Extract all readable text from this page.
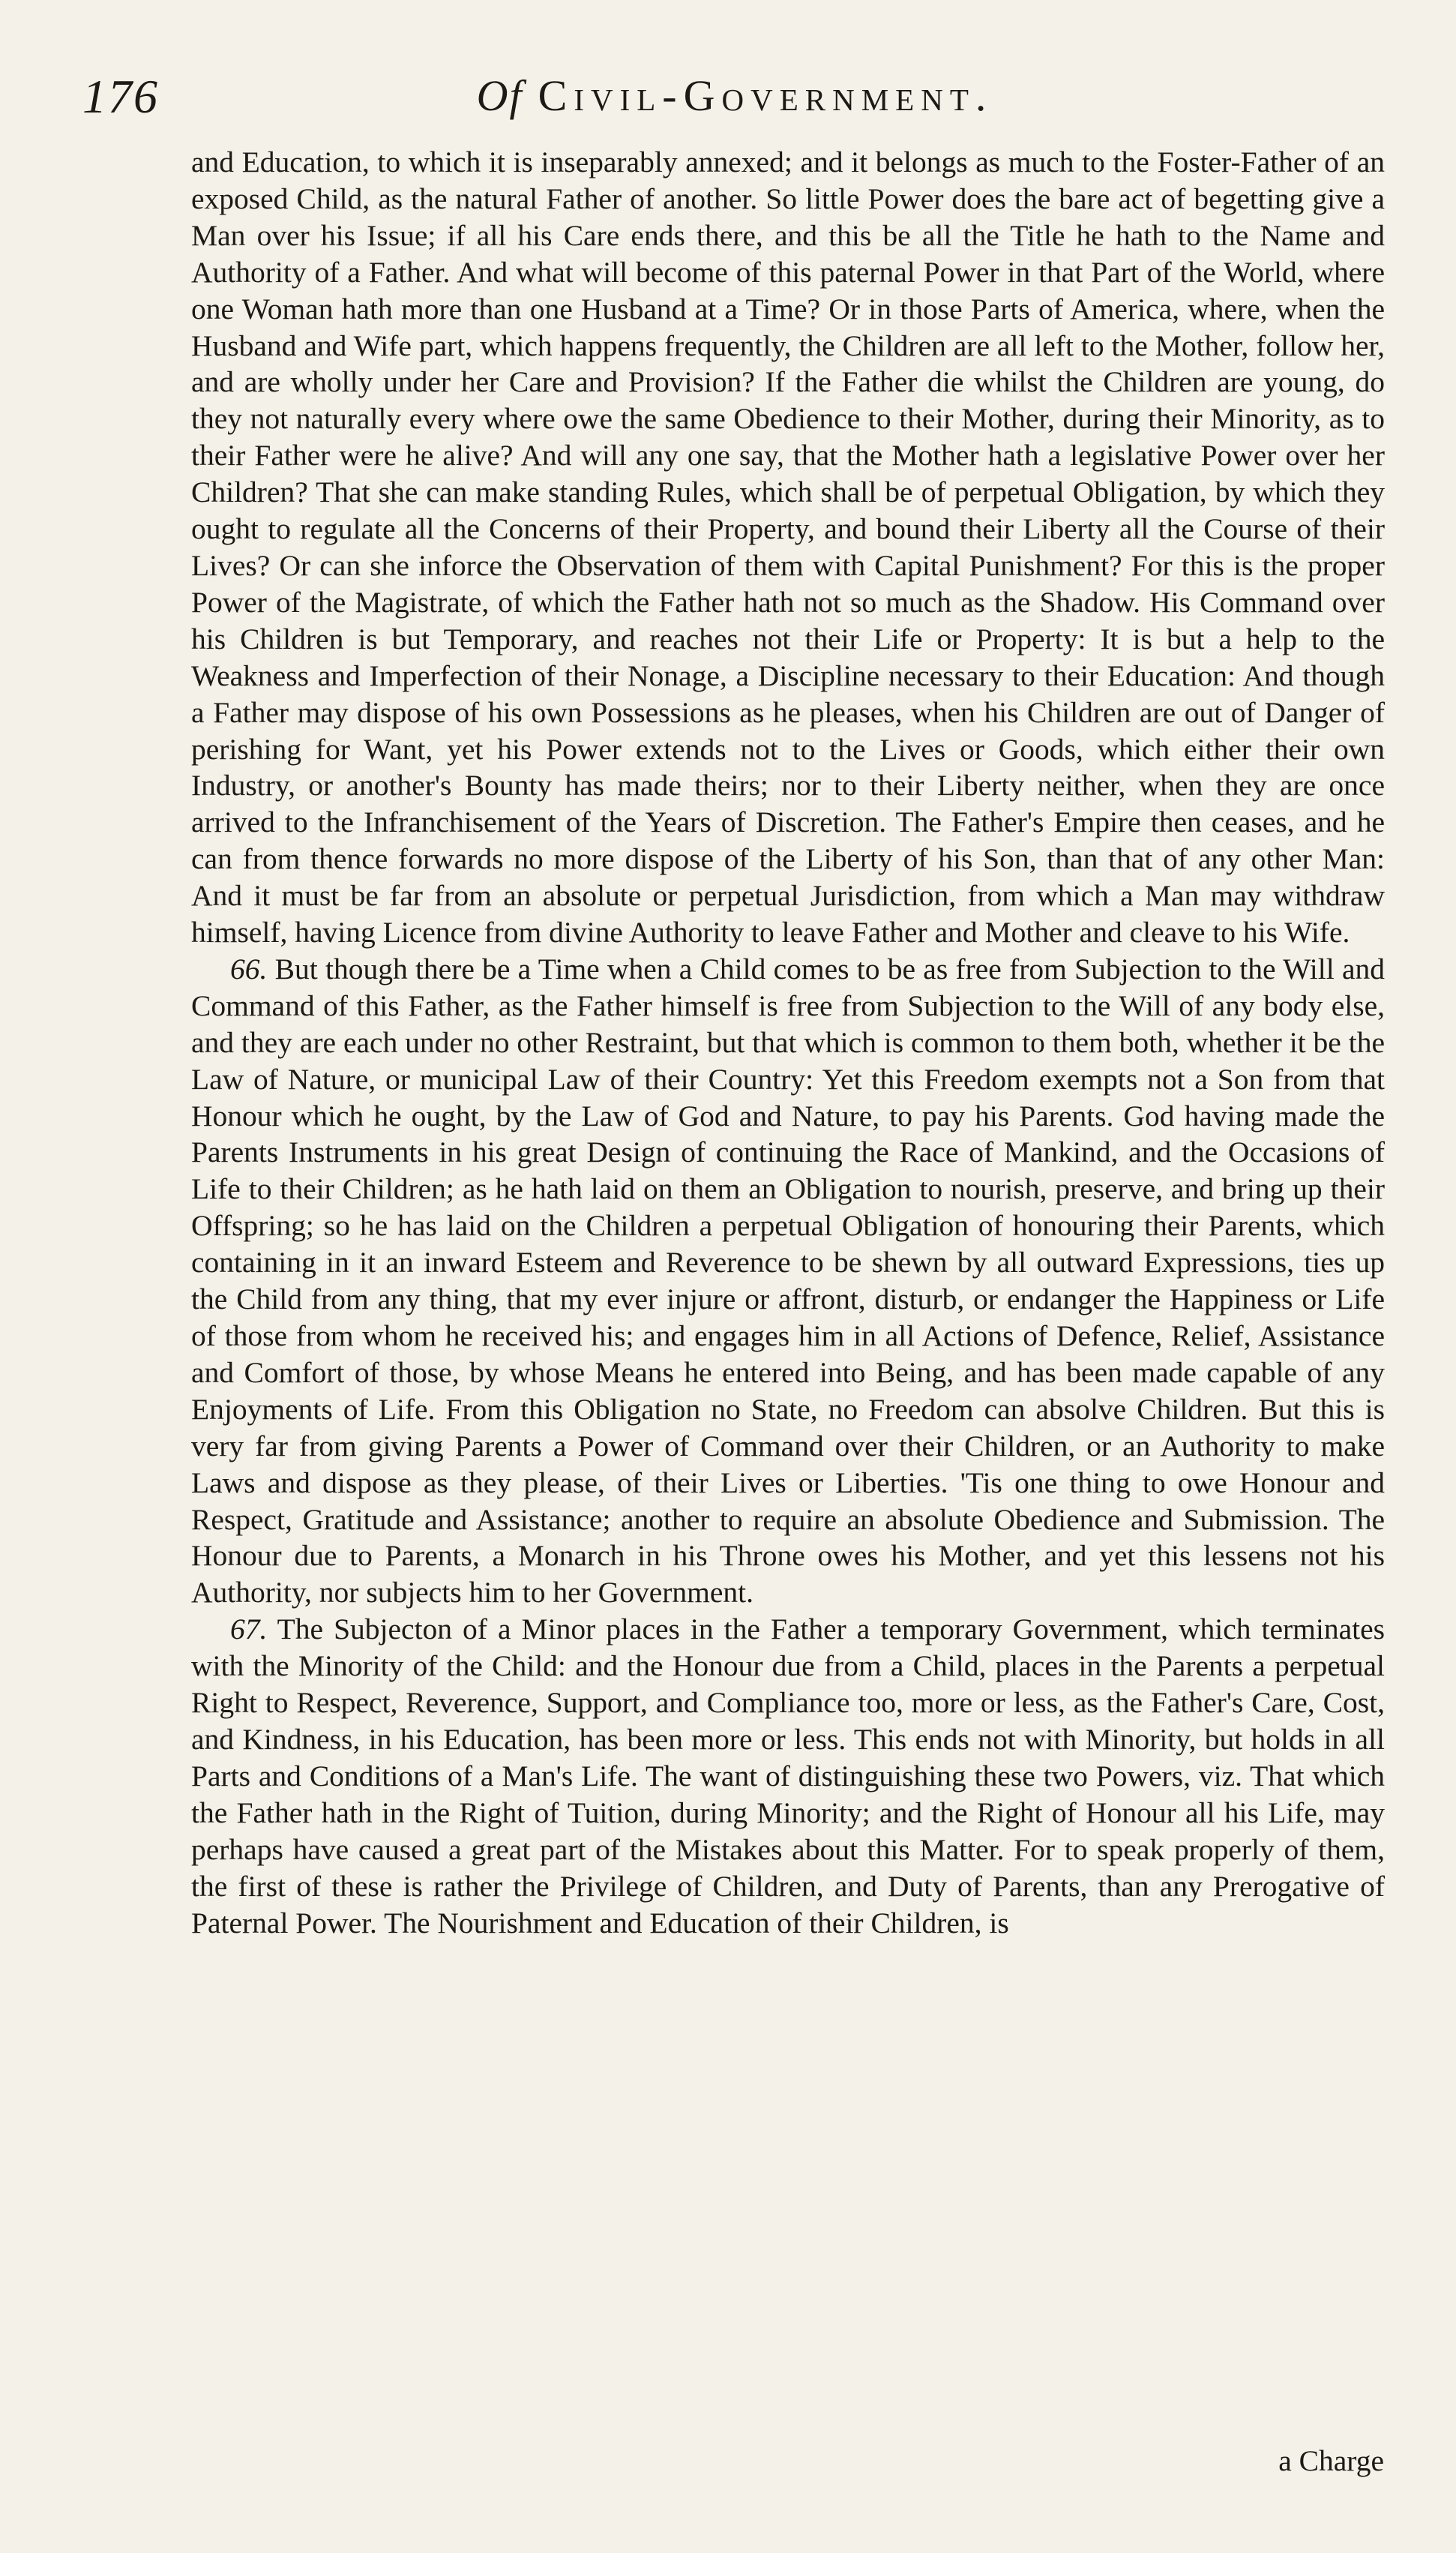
176	Of Civil-Government.

and Education, to which it is inseparably annexed; and it belongs as much to the Foster-Father of an exposed Child, as the natural Father of another. So little Power does the bare act of begetting give a Man over his Issue; if all his Care ends there, and this be all the Title he hath to the Name and Authority of a Father. And what will become of this paternal Power in that Part of the World, where one Woman hath more than one Husband at a Time? Or in those Parts of America, where, when the Husband and Wife part, which happens frequently, the Children are all left to the Mother, follow her, and are wholly under her Care and Provision? If the Father die whilst the Children are young, do they not naturally every where owe the same Obedience to their Mother, during their Minority, as to their Father were he alive? And will any one say, that the Mother hath a legislative Power over her Children? That she can make standing Rules, which shall be of perpetual Obligation, by which they ought to regulate all the Concerns of their Property, and bound their Liberty all the Course of their Lives? Or can she inforce the Observation of them with Capital Punishment? For this is the proper Power of the Magistrate, of which the Father hath not so much as the Shadow. His Command over his Children is but Temporary, and reaches not their Life or Property: It is but a help to the Weakness and Imperfection of their Nonage, a Discipline necessary to their Education: And though a Father may dispose of his own Possessions as he pleases, when his Children are out of Danger of perishing for Want, yet his Power extends not to the Lives or Goods, which either their own Industry, or another's Bounty has made theirs; nor to their Liberty neither, when they are once arrived to the Infranchisement of the Years of Discretion. The Father's Empire then ceases, and he can from thence forwards no more dispose of the Liberty of his Son, than that of any other Man: And it must be far from an absolute or perpetual Jurisdiction, from which a Man may withdraw himself, having Licence from divine Authority to leave Father and Mother and cleave to his Wife.

66. But though there be a Time when a Child comes to be as free from Subjection to the Will and Command of this Father, as the Father himself is free from Subjection to the Will of any body else, and they are each under no other Restraint, but that which is common to them both, whether it be the Law of Nature, or municipal Law of their Country: Yet this Freedom exempts not a Son from that Honour which he ought, by the Law of God and Nature, to pay his Parents. God having made the Parents Instruments in his great Design of continuing the Race of Mankind, and the Occasions of Life to their Children; as he hath laid on them an Obligation to nourish, preserve, and bring up their Offspring; so he has laid on the Children a perpetual Obligation of honouring their Parents, which containing in it an inward Esteem and Reverence to be shewn by all outward Expressions, ties up the Child from any thing, that my ever injure or affront, disturb, or endanger the Happiness or Life of those from whom he received his; and engages him in all Actions of Defence, Relief, Assistance and Comfort of those, by whose Means he entered into Being, and has been made capable of any Enjoyments of Life. From this Obligation no State, no Freedom can absolve Children. But this is very far from giving Parents a Power of Command over their Children, or an Authority to make Laws and dispose as they please, of their Lives or Liberties. 'Tis one thing to owe Honour and Respect, Gratitude and Assistance; another to require an absolute Obedience and Submission. The Honour due to Parents, a Monarch in his Throne owes his Mother, and yet this lessens not his Authority, nor subjects him to her Government.

67. The Subjecton of a Minor places in the Father a temporary Government, which terminates with the Minority of the Child: and the Honour due from a Child, places in the Parents a perpetual Right to Respect, Reverence, Support, and Compliance too, more or less, as the Father's Care, Cost, and Kindness, in his Education, has been more or less. This ends not with Minority, but holds in all Parts and Conditions of a Man's Life. The want of distinguishing these two Powers, viz. That which the Father hath in the Right of Tuition, during Minority; and the Right of Honour all his Life, may perhaps have caused a great part of the Mistakes about this Matter. For to speak properly of them, the first of these is rather the Privilege of Children, and Duty of Parents, than any Prerogative of Paternal Power. The Nourishment and Education of their Children, is

a Charge
